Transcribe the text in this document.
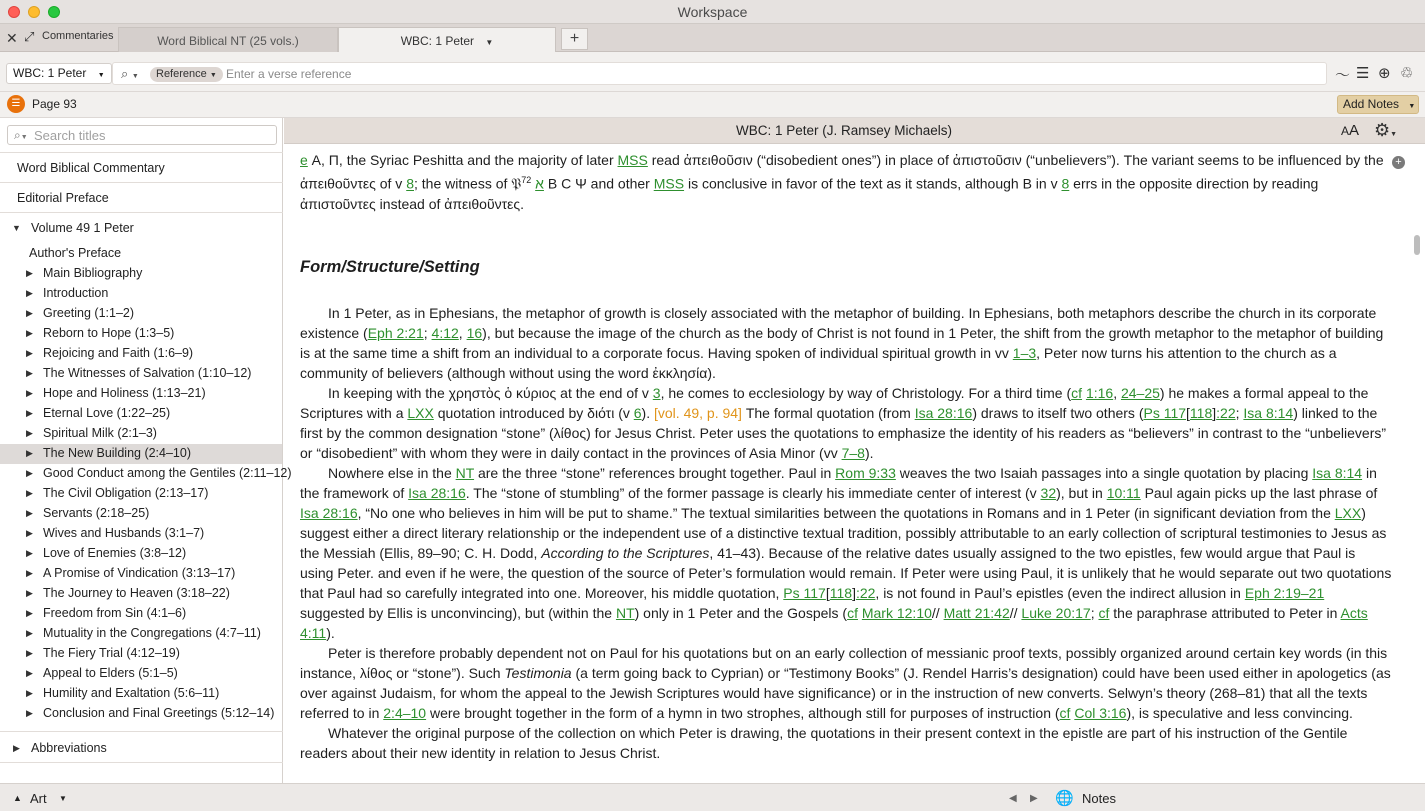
Workspace
✕ ⤢ Commentaries	Word Biblical NT (25 vols.)	WBC: 1 Peter ▼	+
WBC: 1 Peter ▼	⌕ ▼	Reference ▼
Enter a verse reference	〜 ☰ ⊕ ♲
☰ Page 93	Add Notes ▼
⌕▼
Search titles
Word Biblical Commentary
Editorial Preface
▼ Volume 49 1 Peter
Author's Preface
▶ Main Bibliography
▶ Introduction
▶ Greeting (1:1–2)
▶ Reborn to Hope (1:3–5)
▶ Rejoicing and Faith (1:6–9)
▶ The Witnesses of Salvation (1:10–12)
▶ Hope and Holiness (1:13–21)
▶ Eternal Love (1:22–25)
▶ Spiritual Milk (2:1–3)
▶ The New Building (2:4–10)
▶ Good Conduct among the Gentiles (2:11–12)
▶ The Civil Obligation (2:13–17)
▶ Servants (2:18–25)
▶ Wives and Husbands (3:1–7)
▶ Love of Enemies (3:8–12)
▶ A Promise of Vindication (3:13–17)
▶ The Journey to Heaven (3:18–22)
▶ Freedom from Sin (4:1–6)
▶ Mutuality in the Congregations (4:7–11)
▶ The Fiery Trial (4:12–19)
▶ Appeal to Elders (5:1–5)
▶ Humility and Exaltation (5:6–11)
▶ Conclusion and Final Greetings (5:12–14)
▶ Abbreviations
WBC: 1 Peter (J. Ramsey Michaels)	AA ⚙▼

e Α, Π, the Syriac Peshitta and the majority of later MSS read ἀπειθοῦσιν (“disobedient ones”) in place of ἀπιστοῦσιν (“unbelievers”). The variant seems to be influenced by the ἀπειθοῦντες of v 8; the witness of 𝔓$^{72}$ א B C Ψ and other MSS is conclusive in favor of the text as it stands, although B in v 8 errs in the opposite direction by reading ἀπιστοῦντες instead of ἀπειθοῦντες.

Form/Structure/Setting

In 1 Peter, as in Ephesians, the metaphor of growth is closely associated with the metaphor of building. In Ephesians, both metaphors describe the church in its corporate existence (Eph 2:21; 4:12, 16), but because the image of the church as the body of Christ is not found in 1 Peter, the shift from the growth metaphor to the metaphor of building is at the same time a shift from an individual to a corporate focus. Having spoken of individual spiritual growth in vv 1–3, Peter now turns his attention to the church as a community of believers (although without using the word ἐκκλησία).

In keeping with the χρηστὸς ὁ κύριος at the end of v 3, he comes to ecclesiology by way of Christology. For a third time (cf 1:16, 24–25) he makes a formal appeal to the Scriptures with a LXX quotation introduced by διότι (v 6). [vol. 49, p. 94] The formal quotation (from Isa 28:16) draws to itself two others (Ps 117[118]:22; Isa 8:14) linked to the first by the common designation “stone” (λίθος) for Jesus Christ. Peter uses the quotations to emphasize the identity of his readers as “believers” in contrast to the “unbelievers” or “disobedient” with whom they were in daily contact in the provinces of Asia Minor (vv 7–8).

Nowhere else in the NT are the three “stone” references brought together. Paul in Rom 9:33 weaves the two Isaiah passages into a single quotation by placing Isa 8:14 in the framework of Isa 28:16. The “stone of stumbling” of the former passage is clearly his immediate center of interest (v 32), but in 10:11 Paul again picks up the last phrase of Isa 28:16, “No one who believes in him will be put to shame.” The textual similarities between the quotations in Romans and in 1 Peter (in significant deviation from the LXX) suggest either a direct literary relationship or the independent use of a distinctive textual tradition, possibly attributable to an early collection of scriptural testimonies to Jesus as the Messiah (Ellis, 89–90; C. H. Dodd, According to the Scriptures, 41–43). Because of the relative dates usually assigned to the two epistles, few would argue that Paul is using Peter. and even if he were, the question of the source of Peter’s formulation would remain. If Peter were using Paul, it is unlikely that he would separate out two quotations that Paul had so carefully integrated into one. Moreover, his middle quotation, Ps 117[118]:22, is not found in Paul’s epistles (even the indirect allusion in Eph 2:19–21 suggested by Ellis is unconvincing), but (within the NT) only in 1 Peter and the Gospels (cf Mark 12:10// Matt 21:42// Luke 20:17; cf the paraphrase attributed to Peter in Acts 4:11).

Peter is therefore probably dependent not on Paul for his quotations but on an early collection of messianic proof texts, possibly organized around certain key words (in this instance, λίθος or “stone”). Such Testimonia (a term going back to Cyprian) or “Testimony Books” (J. Rendel Harris’s designation) could have been used either in apologetics (as over against Judaism, for whom the appeal to the Jewish Scriptures would have significance) or in the instruction of new converts. Selwyn’s theory (268–81) that all the texts referred to in 2:4–10 were brought together in the form of a hymn in two strophes, although still for purposes of instruction (cf Col 3:16), is speculative and less convincing.

Whatever the original purpose of the collection on which Peter is drawing, the quotations in their present context in the epistle are part of his instruction of the Gentile readers about their new identity in relation to Jesus Christ.

+
▲ Art ▼	◀ ▶ 🌐 Notes
